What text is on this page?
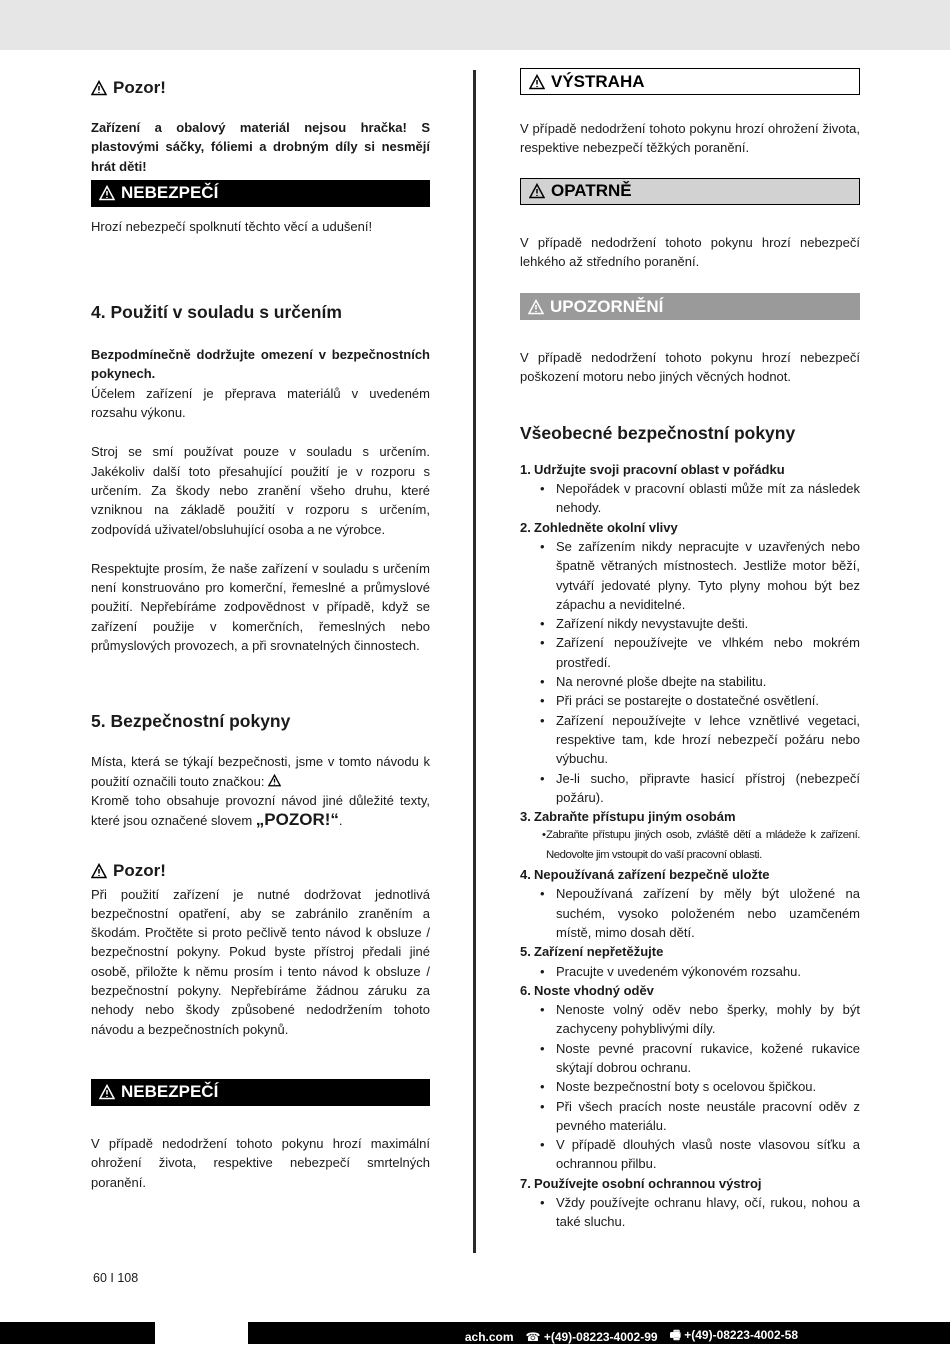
Pozor!

Zařízení a obalový materiál nejsou hračka! S plastovými sáčky, fóliemi a drobným díly si nesmějí hrát děti!

NEBEZPEČÍ

Hrozí nebezpečí spolknutí těchto věcí a udušení!

4. Použití v souladu s určením

Bezpodmínečně dodržujte omezení v bezpečnostních pokynech.

Účelem zařízení je přeprava materiálů v uvedeném rozsahu výkonu.

Stroj se smí používat pouze v souladu s určením. Jakékoliv další toto přesahující použití je v rozporu s určením. Za škody nebo zranění všeho druhu, které vzniknou na základě použití v rozporu s určením, zodpovídá uživatel/obsluhující osoba a ne výrobce.

Respektujte prosím, že naše zařízení v souladu s určením není konstruováno pro komerční, řemeslné a průmyslové použití. Nepřebíráme zodpovědnost v případě, když se zařízení použije v komerčních, řemeslných nebo průmyslových provozech, a při srovnatelných činnostech.

5. Bezpečnostní pokyny

Místa, která se týkají bezpečnosti, jsme v tomto návodu k použití označili touto značkou:

Kromě toho obsahuje provozní návod jiné důležité texty, které jsou označené slovem „POZOR!“.

Pozor!

Při použití zařízení je nutné dodržovat jednotlivá bezpečnostní opatření, aby se zabránilo zraněním a škodám. Pročtěte si proto pečlivě tento návod k obsluze / bezpečnostní pokyny. Pokud byste přístroj předali jiné osobě, přiložte k němu prosím i tento návod k obsluze / bezpečnostní pokyny. Nepřebíráme žádnou záruku za nehody nebo škody způsobené nedodržením tohoto návodu a bezpečnostních pokynů.

NEBEZPEČÍ

V případě nedodržení tohoto pokynu hrozí maximální ohrožení života, respektive nebezpečí smrtelných poranění.

VÝSTRAHA

V případě nedodržení tohoto pokynu hrozí ohrožení života, respektive nebezpečí těžkých poranění.

OPATRNĚ

V případě nedodržení tohoto pokynu hrozí nebezpečí lehkého až středního poranění.

UPOZORNĚNÍ

V případě nedodržení tohoto pokynu hrozí nebezpečí poškození motoru nebo jiných věcných hodnot.

Všeobecné bezpečnostní pokyny

1. Udržujte svoji pracovní oblast v pořádku
• Nepořádek v pracovní oblasti může mít za následek nehody.
2. Zohledněte okolní vlivy
• Se zařízením nikdy nepracujte v uzavřených nebo špatně větraných místnostech. Jestliže motor běží, vytváří jedovaté plyny. Tyto plyny mohou být bez zápachu a neviditelné.
• Zařízení nikdy nevystavujte dešti.
• Zařízení nepoužívejte ve vlhkém nebo mokrém prostředí.
• Na nerovné ploše dbejte na stabilitu.
• Při práci se postarejte o dostatečné osvětlení.
• Zařízení nepoužívejte v lehce vznětlivé vegetaci, respektive tam, kde hrozí nebezpečí požáru nebo výbuchu.
• Je-li sucho, připravte hasicí přístroj (nebezpečí požáru).
3. Zabraňte přístupu jiným osobám
• Zabraňte přístupu jiných osob, zvláště dětí a mládeže k zařízení. Nedovolte jim vstoupit do vaší pracovní oblasti.
4. Nepoužívaná zařízení bezpečně uložte
• Nepoužívaná zařízení by měly být uložené na suchém, vysoko položeném nebo uzamčeném místě, mimo dosah dětí.
5. Zařízení nepřetěžujte
• Pracujte v uvedeném výkonovém rozsahu.
6. Noste vhodný oděv
• Nenoste volný oděv nebo šperky, mohly by být zachyceny pohyblivými díly.
• Noste pevné pracovní rukavice, kožené rukavice skýtají dobrou ochranu.
• Noste bezpečnostní boty s ocelovou špičkou.
• Při všech pracích noste neustále pracovní oděv z pevného materiálu.
• V případě dlouhých vlasů noste vlasovou síťku a ochrannou přilbu.
7. Používejte osobní ochrannou výstroj
• Vždy používejte ochranu hlavy, očí, rukou, nohou a také sluchu.
60 I 108
ach.com ☎ +(49)-08223-4002-99 🖷 +(49)-08223-4002-58
